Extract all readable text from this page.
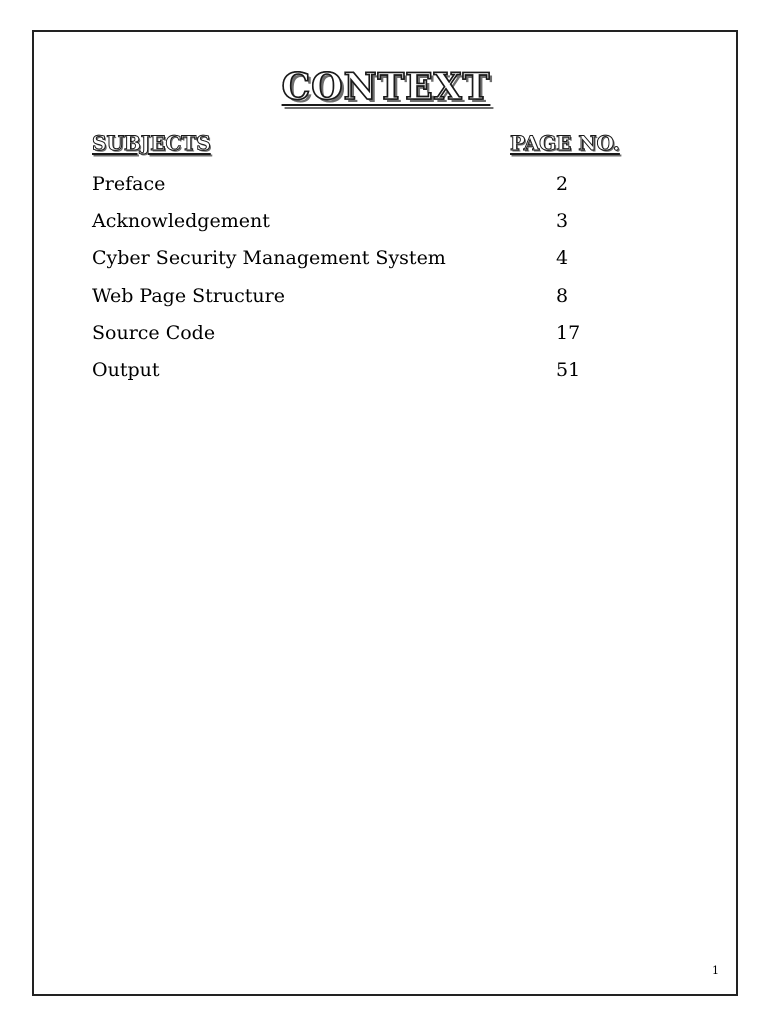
CONTEXT
SUBJECTS	PAGE NO.
Preface	2
Acknowledgement	3
Cyber Security Management System	4
Web Page Structure	8
Source Code	17
Output	51
1
